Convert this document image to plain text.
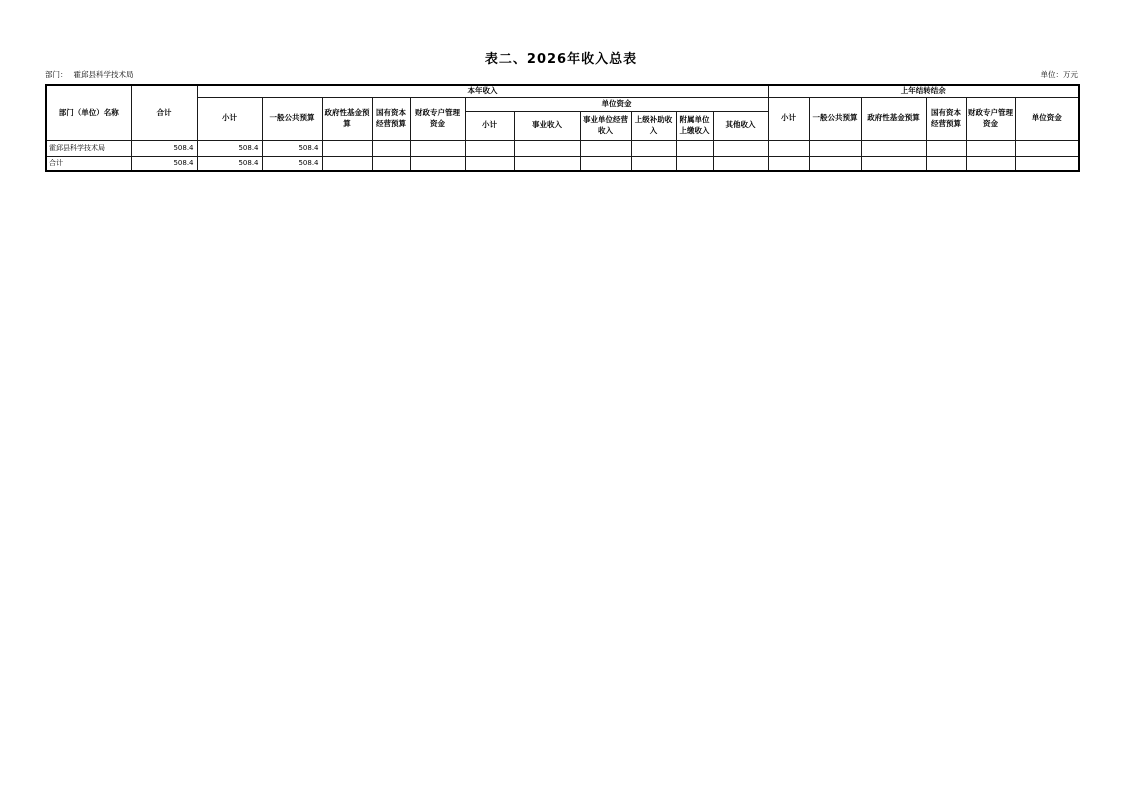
表二、2026年收入总表
部门： 霍邱县科学技术局	单位：万元
部门（单位）名称	合计	本年收入											上年结转结余					
		小计	一般公共预算	政府性基金预算	国有资本经营预算	财政专户管理资金	单位资金						小计	一般公共预算	政府性基金预算	国有资本经营预算	财政专户管理资金	单位资金
							小计	事业收入	事业单位经营收入	上级补助收入	附属单位上缴收入	其他收入						
霍邱县科学技术局	508.4	508.4	508.4															
合计	508.4	508.4	508.4															
